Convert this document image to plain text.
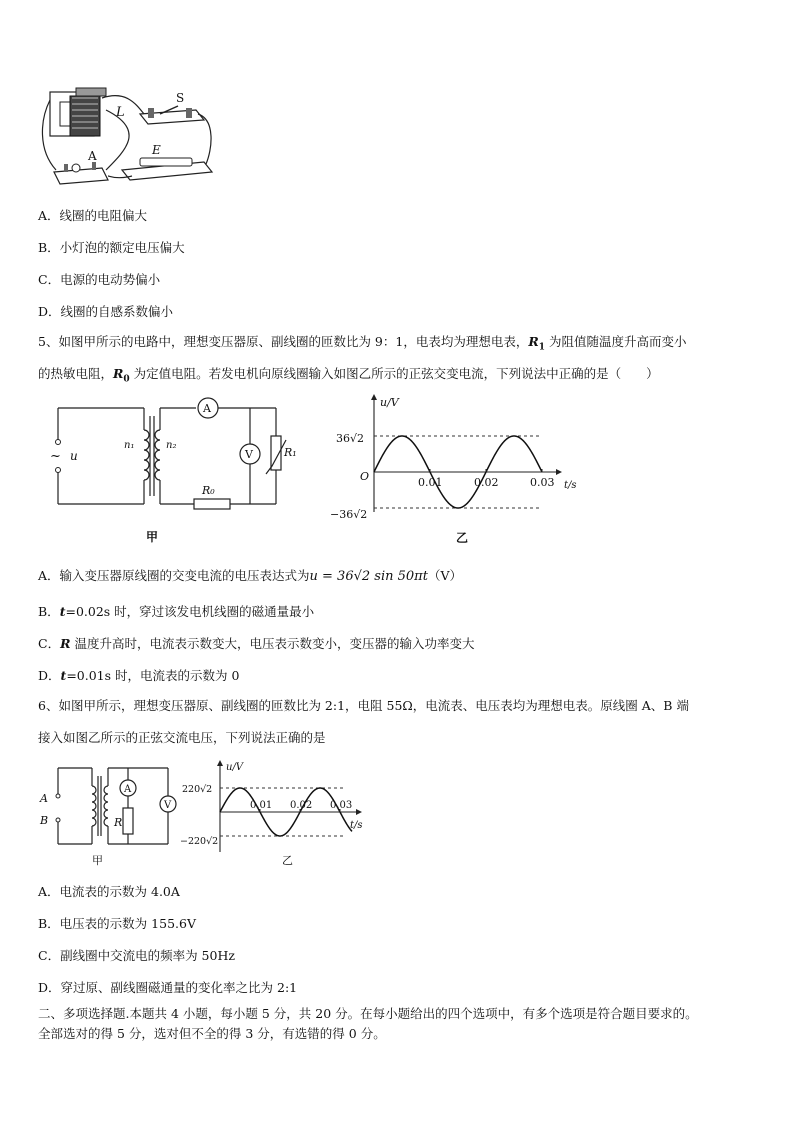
L
S
E
A
A．线圈的电阻偏大
B．小灯泡的额定电压偏大
C．电源的电动势偏小
D．线圈的自感系数偏小
5、如图甲所示的电路中，理想变压器原、副线圈的匝数比为 9：1，电表均为理想电表，$R_1$ 为阻值随温度升高而变小
的热敏电阻，$R_0$ 为定值电阻。若发电机向原线圈输入如图乙所示的正弦交变电流，下列说法中正确的是（　　）
~ u
n₁	n₂
A
R₀
V	R₁
甲
u/V
t/s
O
36√2
−36√2
乙
0.01	0.02	0.03
A．输入变压器原线圈的交变电流的电压表达式为u = 36√2 sin 50πt（V）
B．t=0.02s 时，穿过该发电机线圈的磁通量最小
C．R 温度升高时，电流表示数变大，电压表示数变小，变压器的输入功率变大
D．t=0.01s 时，电流表的示数为 0
6、如图甲所示，理想变压器原、副线圈的匝数比为 2:1，电阻 55Ω，电流表、电压表均为理想电表。原线圈 A、B 端
接入如图乙所示的正弦交流电压，下列说法正确的是
A
B
A
R
V
甲
u/V
t/s
220√2
−220√2
乙
0.01 0.02 0.03
A．电流表的示数为 4.0A
B．电压表的示数为 155.6V
C．副线圈中交流电的频率为 50Hz
D．穿过原、副线圈磁通量的变化率之比为 2:1
二、多项选择题.本题共 4 小题，每小题 5 分，共 20 分。在每小题给出的四个选项中，有多个选项是符合题目要求的。
全部选对的得 5 分，选对但不全的得 3 分，有选错的得 0 分。
